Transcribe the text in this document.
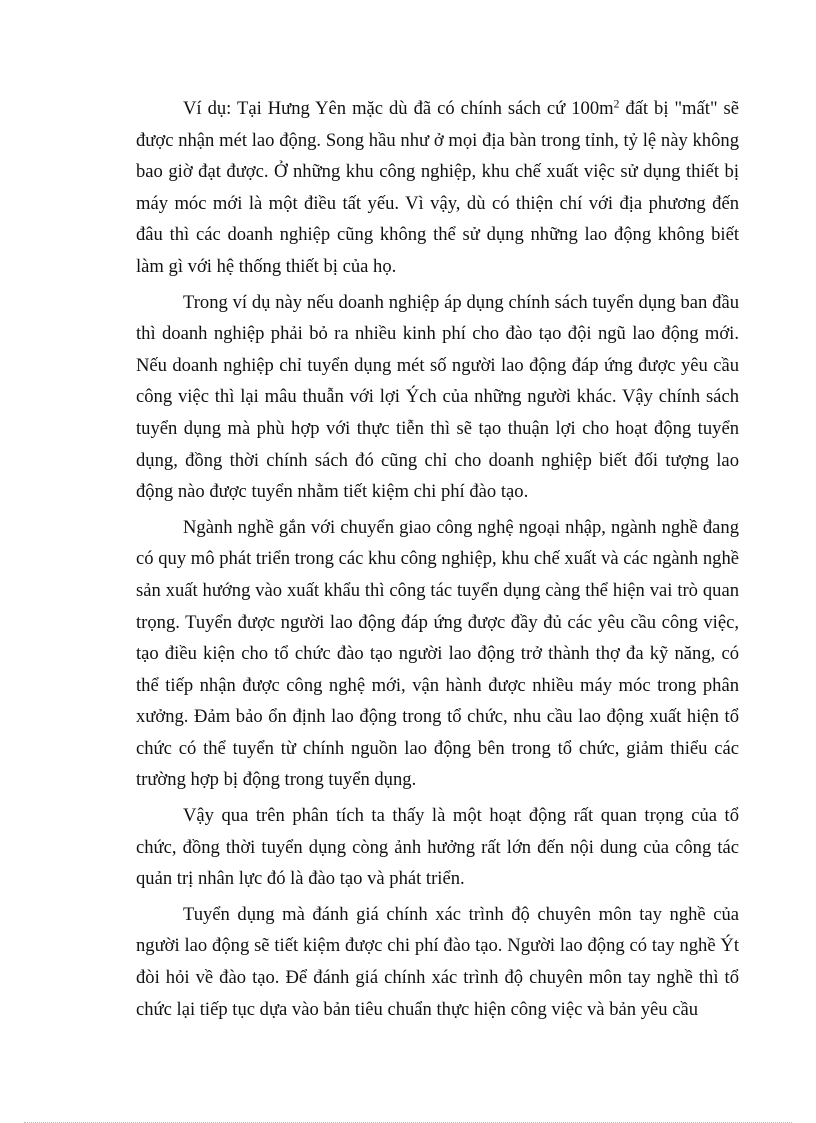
Ví dụ: Tại Hưng Yên mặc dù đã có chính sách cứ $100m^2$ đất bị "mất" sẽ được nhận mét lao động. Song hầu như ở mọi địa bàn trong tỉnh, tỷ lệ này không bao giờ đạt được. Ở những khu công nghiệp, khu chế xuất việc sử dụng thiết bị máy móc mới là một điều tất yếu. Vì vậy, dù có thiện chí với địa phương đến đâu thì các doanh nghiệp cũng không thể sử dụng những lao động không biết làm gì với hệ thống thiết bị của họ.

Trong ví dụ này nếu doanh nghiệp áp dụng chính sách tuyển dụng ban đầu thì doanh nghiệp phải bỏ ra nhiều kinh phí cho đào tạo đội ngũ lao động mới. Nếu doanh nghiệp chỉ tuyển dụng mét số người lao động đáp ứng được yêu cầu công việc thì lại mâu thuẫn với lợi Ých của những người khác. Vậy chính sách tuyển dụng mà phù hợp với thực tiễn thì sẽ tạo thuận lợi cho hoạt động tuyển dụng, đồng thời chính sách đó cũng chỉ cho doanh nghiệp biết đối tượng lao động nào được tuyển nhằm tiết kiệm chi phí đào tạo.

Ngành nghề gắn với chuyển giao công nghệ ngoại nhập, ngành nghề đang có quy mô phát triển trong các khu công nghiệp, khu chế xuất và các ngành nghề sản xuất hướng vào xuất khẩu thì công tác tuyển dụng càng thể hiện vai trò quan trọng. Tuyển được người lao động đáp ứng được đầy đủ các yêu cầu công việc, tạo điều kiện cho tổ chức đào tạo người lao động trở thành thợ đa kỹ năng, có thể tiếp nhận được công nghệ mới, vận hành được nhiều máy móc trong phân xưởng. Đảm bảo ổn định lao động trong tổ chức, nhu cầu lao động xuất hiện tổ chức có thể tuyển từ chính nguồn lao động bên trong tổ chức, giảm thiểu các trường hợp bị động trong tuyển dụng.

Vậy qua trên phân tích ta thấy là một hoạt động rất quan trọng của tổ chức, đồng thời tuyển dụng còng ảnh hưởng rất lớn đến nội dung của công tác quản trị nhân lực đó là đào tạo và phát triển.

Tuyển dụng mà đánh giá chính xác trình độ chuyên môn tay nghề của người lao động sẽ tiết kiệm được chi phí đào tạo. Người lao động có tay nghề Ýt đòi hỏi về đào tạo. Để đánh giá chính xác trình độ chuyên môn tay nghề thì tổ chức lại tiếp tục dựa vào bản tiêu chuẩn thực hiện công việc và bản yêu cầu
